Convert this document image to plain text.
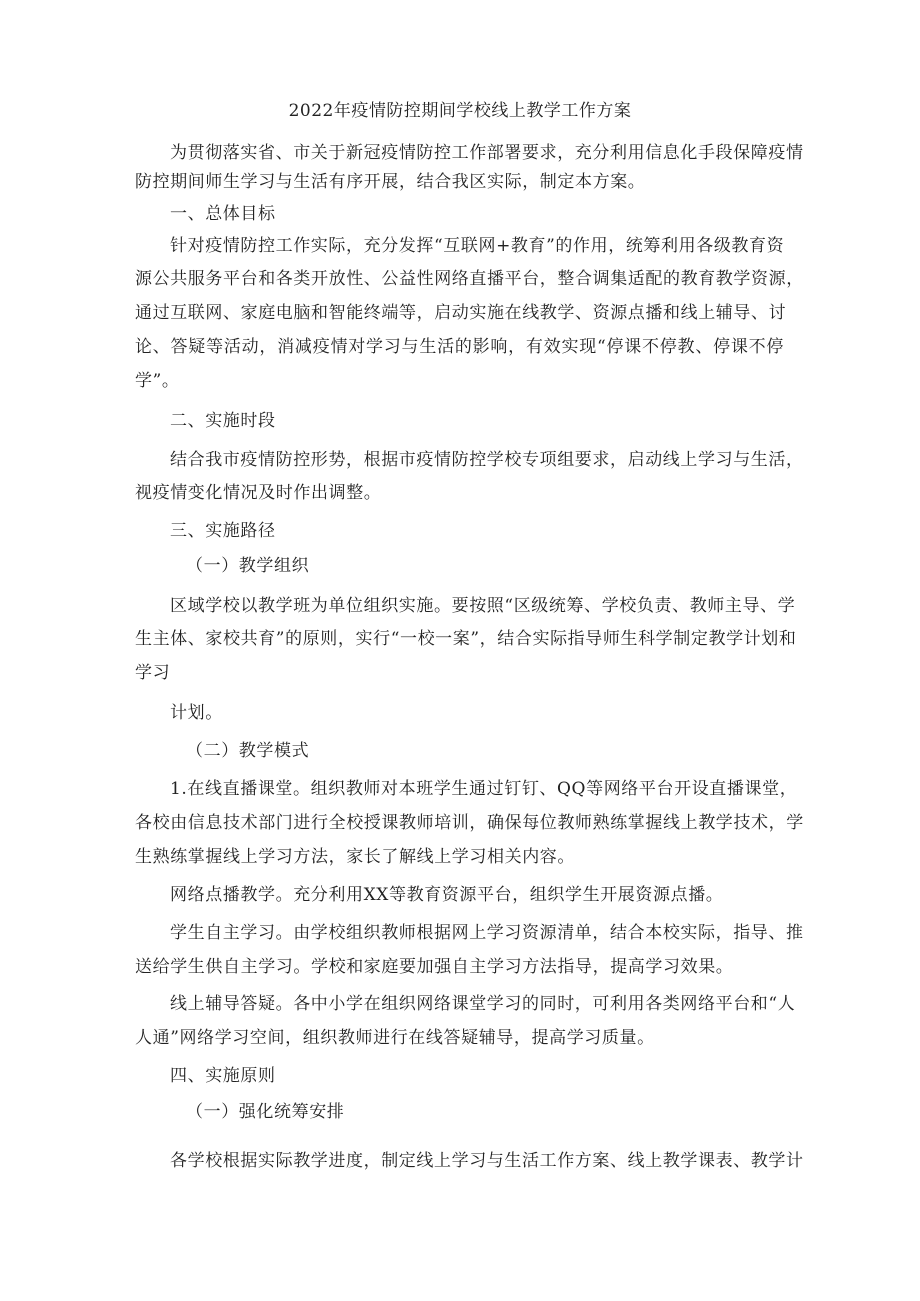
2022年疫情防控期间学校线上教学工作方案
为贯彻落实省、市关于新冠疫情防控工作部署要求，充分利用信息化手段保障疫情
防控期间师生学习与生活有序开展，结合我区实际，制定本方案。
一、总体目标
针对疫情防控工作实际，充分发挥“互联网+教育”的作用，统筹利用各级教育资
源公共服务平台和各类开放性、公益性网络直播平台，整合调集适配的教育教学资源，
通过互联网、家庭电脑和智能终端等，启动实施在线教学、资源点播和线上辅导、讨
论、答疑等活动，消减疫情对学习与生活的影响，有效实现“停课不停教、停课不停
学”。
二、实施时段
结合我市疫情防控形势，根据市疫情防控学校专项组要求，启动线上学习与生活，
视疫情变化情况及时作出调整。
三、实施路径
（一）教学组织
区域学校以教学班为单位组织实施。要按照“区级统筹、学校负责、教师主导、学
生主体、家校共育”的原则，实行“一校一案”，结合实际指导师生科学制定教学计划和
学习
计划。
（二）教学模式
1.在线直播课堂。组织教师对本班学生通过钉钉、QQ等网络平台开设直播课堂，
各校由信息技术部门进行全校授课教师培训，确保每位教师熟练掌握线上教学技术，学
生熟练掌握线上学习方法，家长了解线上学习相关内容。
网络点播教学。充分利用XX等教育资源平台，组织学生开展资源点播。
学生自主学习。由学校组织教师根据网上学习资源清单，结合本校实际，指导、推
送给学生供自主学习。学校和家庭要加强自主学习方法指导，提高学习效果。
线上辅导答疑。各中小学在组织网络课堂学习的同时，可利用各类网络平台和“人
人通”网络学习空间，组织教师进行在线答疑辅导，提高学习质量。
四、实施原则
（一）强化统筹安排
各学校根据实际教学进度，制定线上学习与生活工作方案、线上教学课表、教学计
